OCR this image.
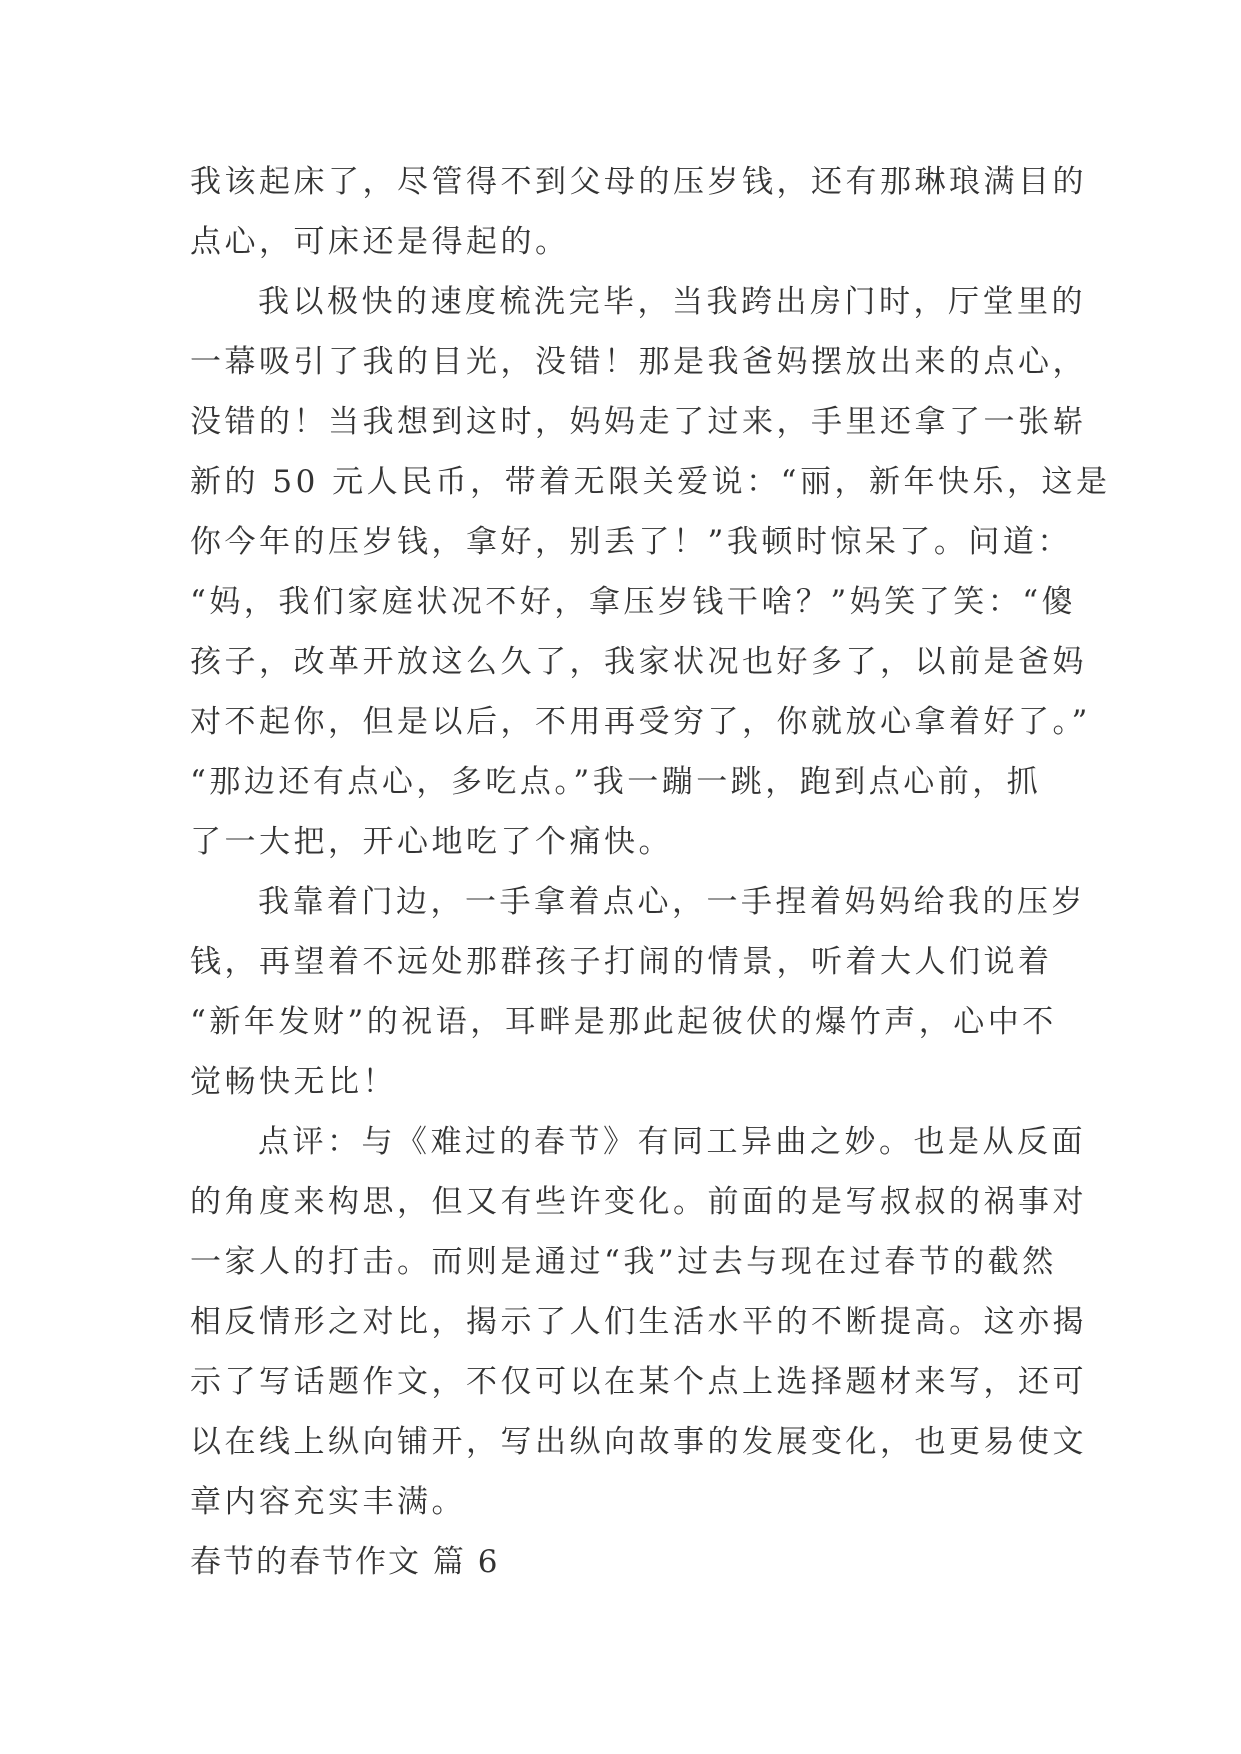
我该起床了，尽管得不到父母的压岁钱，还有那琳琅满目的
点心，可床还是得起的。
我以极快的速度梳洗完毕，当我跨出房门时，厅堂里的
一幕吸引了我的目光，没错！那是我爸妈摆放出来的点心，
没错的！当我想到这时，妈妈走了过来，手里还拿了一张崭
新的 50 元人民币，带着无限关爱说：“丽，新年快乐，这是
你今年的压岁钱，拿好，别丢了！”我顿时惊呆了。问道：
“妈，我们家庭状况不好，拿压岁钱干啥？”妈笑了笑：“傻
孩子，改革开放这么久了，我家状况也好多了，以前是爸妈
对不起你，但是以后，不用再受穷了，你就放心拿着好了。”
“那边还有点心，多吃点。”我一蹦一跳，跑到点心前，抓
了一大把，开心地吃了个痛快。
我靠着门边，一手拿着点心，一手捏着妈妈给我的压岁
钱，再望着不远处那群孩子打闹的情景，听着大人们说着
“新年发财”的祝语，耳畔是那此起彼伏的爆竹声，心中不
觉畅快无比！
点评：与《难过的春节》有同工异曲之妙。也是从反面
的角度来构思，但又有些许变化。前面的是写叔叔的祸事对
一家人的打击。而则是通过“我”过去与现在过春节的截然
相反情形之对比，揭示了人们生活水平的不断提高。这亦揭
示了写话题作文，不仅可以在某个点上选择题材来写，还可
以在线上纵向铺开，写出纵向故事的发展变化，也更易使文
章内容充实丰满。
春节的春节作文 篇 6
